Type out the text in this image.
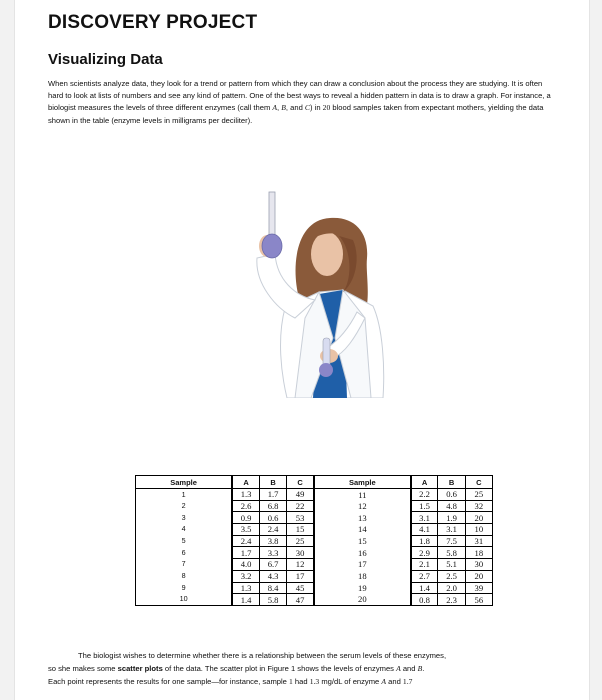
DISCOVERY PROJECT
Visualizing Data
When scientists analyze data, they look for a trend or pattern from which they can draw a conclusion about the process they are studying. It is often hard to look at lists of numbers and see any kind of pattern. One of the best ways to reveal a hidden pattern in data is to draw a graph. For instance, a biologist measures the levels of three different enzymes (call them A, B, and C) in 20 blood samples taken from expectant mothers, yielding the data shown in the table (enzyme levels in milligrams per deciliter).
Sample	A	B	C	Sample	A	B	C
1	1.3	1.7	49	11	2.2	0.6	25
2	2.6	6.8	22	12	1.5	4.8	32
3	0.9	0.6	53	13	3.1	1.9	20
4	3.5	2.4	15	14	4.1	3.1	10
5	2.4	3.8	25	15	1.8	7.5	31
6	1.7	3.3	30	16	2.9	5.8	18
7	4.0	6.7	12	17	2.1	5.1	30
8	3.2	4.3	17	18	2.7	2.5	20
9	1.3	8.4	45	19	1.4	2.0	39
10	1.4	5.8	47	20	0.8	2.3	56
The biologist wishes to determine whether there is a relationship between the serum levels of these enzymes,
so she makes some scatter plots of the data. The scatter plot in Figure 1 shows the levels of enzymes A and B.
Each point represents the results for one sample—for instance, sample 1 had 1.3 mg/dL of enzyme A and 1.7
